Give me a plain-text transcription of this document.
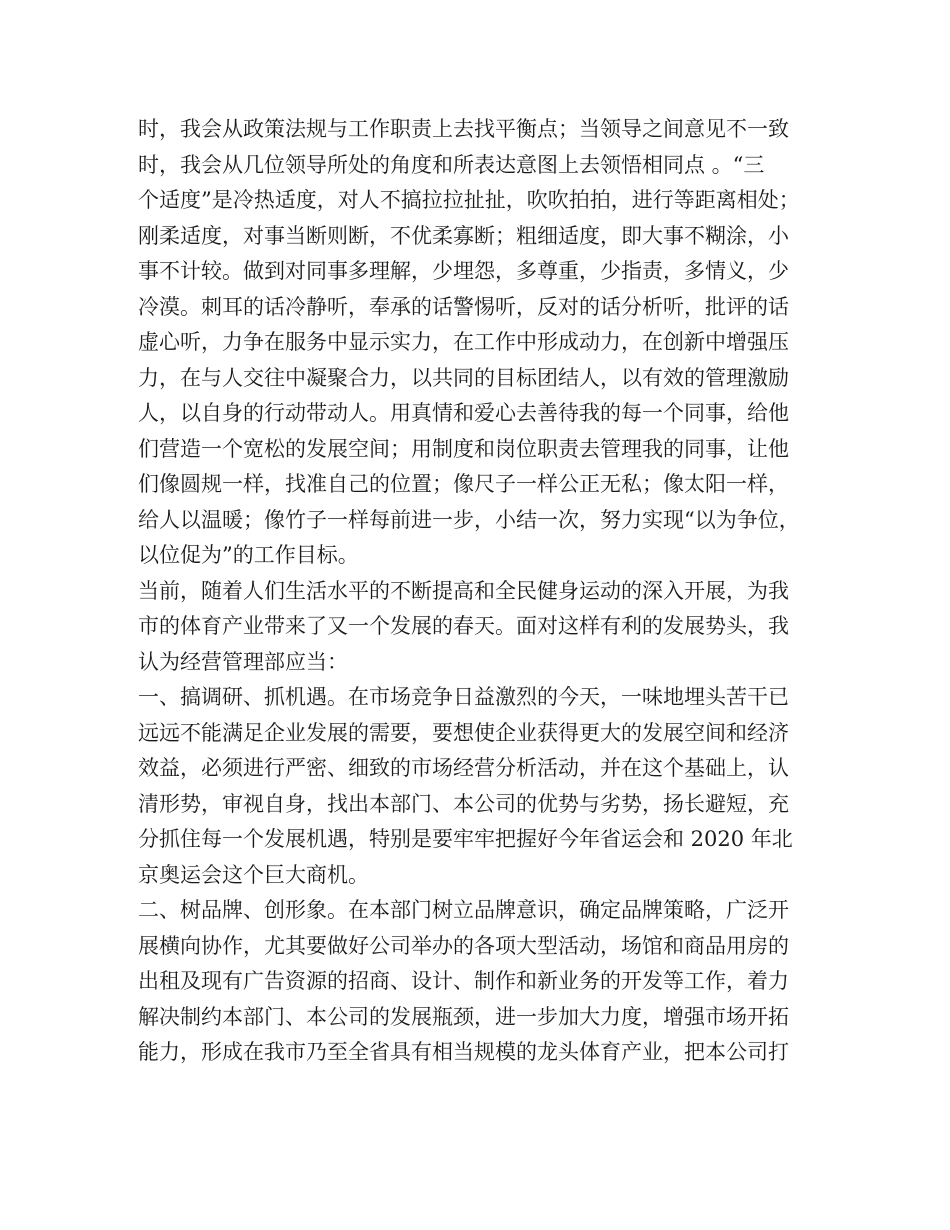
时，我会从政策法规与工作职责上去找平衡点；当领导之间意见不一致
时，我会从几位领导所处的角度和所表达意图上去领悟相同点 。“三
个适度”是冷热适度，对人不搞拉拉扯扯，吹吹拍拍，进行等距离相处；
刚柔适度，对事当断则断，不优柔寡断；粗细适度，即大事不糊涂，小
事不计较。做到对同事多理解，少埋怨，多尊重，少指责，多情义，少
冷漠。刺耳的话冷静听，奉承的话警惕听，反对的话分析听，批评的话
虚心听，力争在服务中显示实力，在工作中形成动力，在创新中增强压
力，在与人交往中凝聚合力，以共同的目标团结人，以有效的管理激励
人，以自身的行动带动人。用真情和爱心去善待我的每一个同事，给他
们营造一个宽松的发展空间；用制度和岗位职责去管理我的同事，让他
们像圆规一样，找准自己的位置；像尺子一样公正无私；像太阳一样，
给人以温暖；像竹子一样每前进一步，小结一次，努力实现“以为争位，
以位促为”的工作目标。
当前，随着人们生活水平的不断提高和全民健身运动的深入开展，为我
市的体育产业带来了又一个发展的春天。面对这样有利的发展势头，我
认为经营管理部应当：
一、搞调研、抓机遇。在市场竞争日益激烈的今天，一味地埋头苦干已
远远不能满足企业发展的需要，要想使企业获得更大的发展空间和经济
效益，必须进行严密、细致的市场经营分析活动，并在这个基础上，认
清形势，审视自身，找出本部门、本公司的优势与劣势，扬长避短，充
分抓住每一个发展机遇，特别是要牢牢把握好今年省运会和 2020 年北
京奥运会这个巨大商机。
二、树品牌、创形象。在本部门树立品牌意识，确定品牌策略，广泛开
展横向协作，尤其要做好公司举办的各项大型活动，场馆和商品用房的
出租及现有广告资源的招商、设计、制作和新业务的开发等工作，着力
解决制约本部门、本公司的发展瓶颈，进一步加大力度，增强市场开拓
能力，形成在我市乃至全省具有相当规模的龙头体育产业，把本公司打
